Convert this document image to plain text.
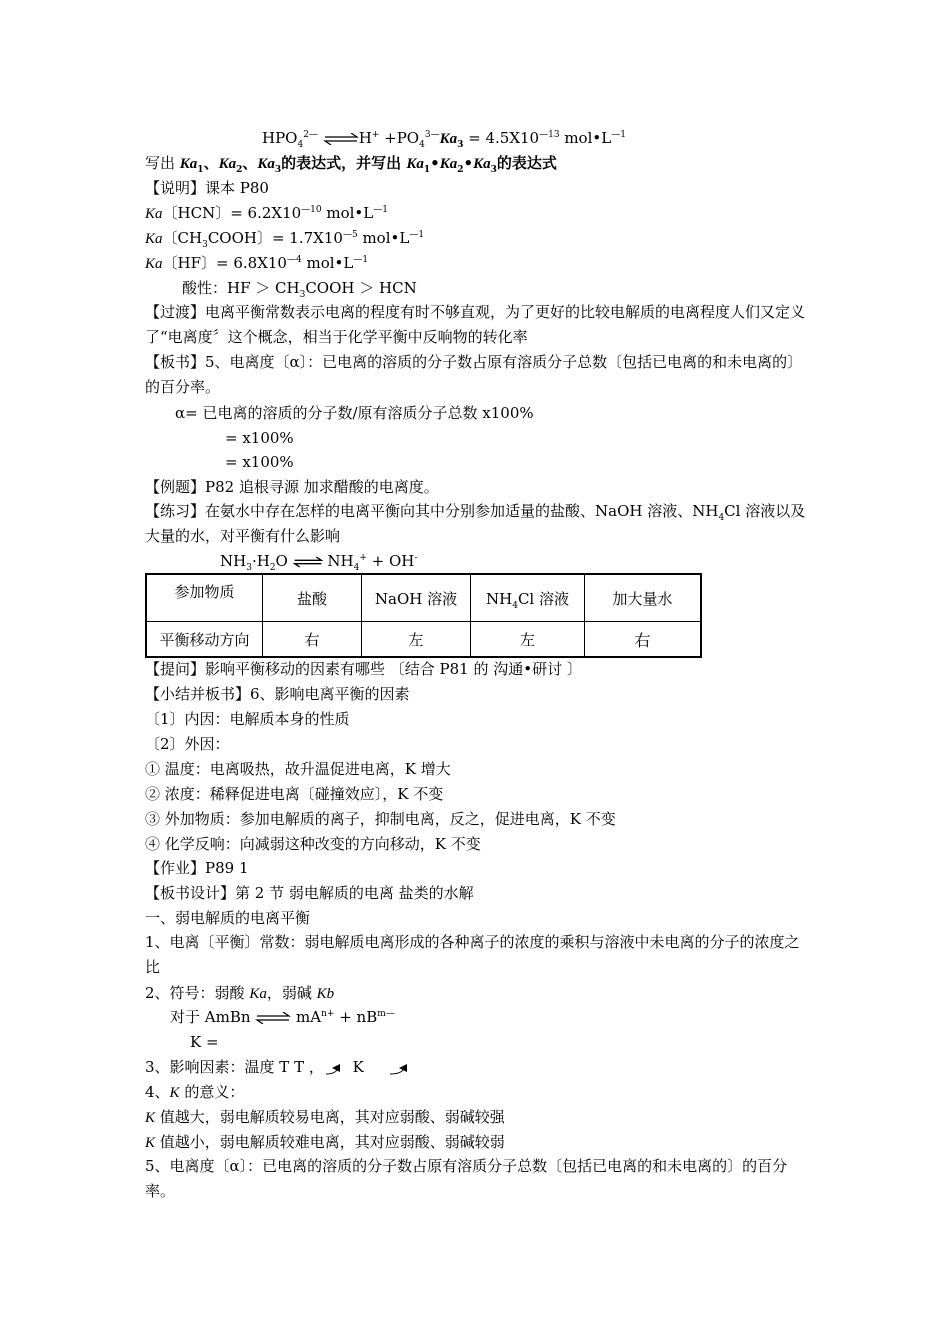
$HPO_4^{2—}$ ⇌H+ $+PO_4^{3—}Ka_3 = 4.5X10^{—13}$ $mol•L^{—1}$
写出 $Ka_1$、$Ka_2$、$Ka_3$的表达式，并写出 $Ka_1•Ka_2•Ka_3$的表达式
【说明】课本 P80
Ka〔HCN〕= $6.2X10^{—10}$ $mol•L^{—1}$
Ka〔$CH_3COOH$〕= $1.7X10^{—5}$ $mol•L^{—1}$
Ka〔HF〕= $6.8X10^{—4}$ $mol•L^{—1}$
酸性：HF ＞ $CH_3COOH$ ＞ HCN
【过渡】电离平衡常数表示电离的程度有时不够直观，为了更好的比较电解质的电离程度人们又定义了“电离度〞这个概念，相当于化学平衡中反响物的转化率
【板书】5、电离度〔α〕：已电离的溶质的分子数占原有溶质分子总数〔包括已电离的和未电离的〕的百分率。
α= 已电离的溶质的分子数/原有溶质分子总数 x100%
= x100%
= x100%
【例题】P82 追根寻源 加求醋酸的电离度。
【练习】在氨水中存在怎样的电离平衡向其中分别参加适量的盐酸、NaOH 溶液、$NH_4Cl$ 溶液以及大量的水，对平衡有什么影响
$NH_3\cdot H_2O$ ⇌ $NH_4^+ + OH^-$
参加物质	盐酸	NaOH 溶液	$NH_4Cl$ 溶液	加大量水
平衡移动方向	右	左	左	右
【提问】影响平衡移动的因素有哪些 〔结合 P81 的 沟通•研讨 〕
【小结并板书】6、影响电离平衡的因素
〔1〕内因：电解质本身的性质
〔2〕外因：
① 温度：电离吸热，故升温促进电离，K 增大
② 浓度：稀释促进电离〔碰撞效应〕，K 不变
③ 外加物质：参加电解质的离子，抑制电离，反之，促进电离，K 不变
④ 化学反响：向减弱这种改变的方向移动，K 不变
【作业】P89 1
【板书设计】第 2 节 弱电解质的电离 盐类的水解
一、弱电解质的电离平衡
1、电离〔平衡〕常数：弱电解质电离形成的各种离子的浓度的乘积与溶液中未电离的分子的浓度之比
2、符号：弱酸 Ka，弱碱 Kb
对于 AmBn ⇌ $mA^{n+} + nB^{m—}$
K =
3、影响因素：温度 T T ， K
4、K 的意义：
K 值越大，弱电解质较易电离，其对应弱酸、弱碱较强
K 值越小，弱电解质较难电离，其对应弱酸、弱碱较弱
5、电离度〔α〕：已电离的溶质的分子数占原有溶质分子总数〔包括已电离的和未电离的〕的百分率。
